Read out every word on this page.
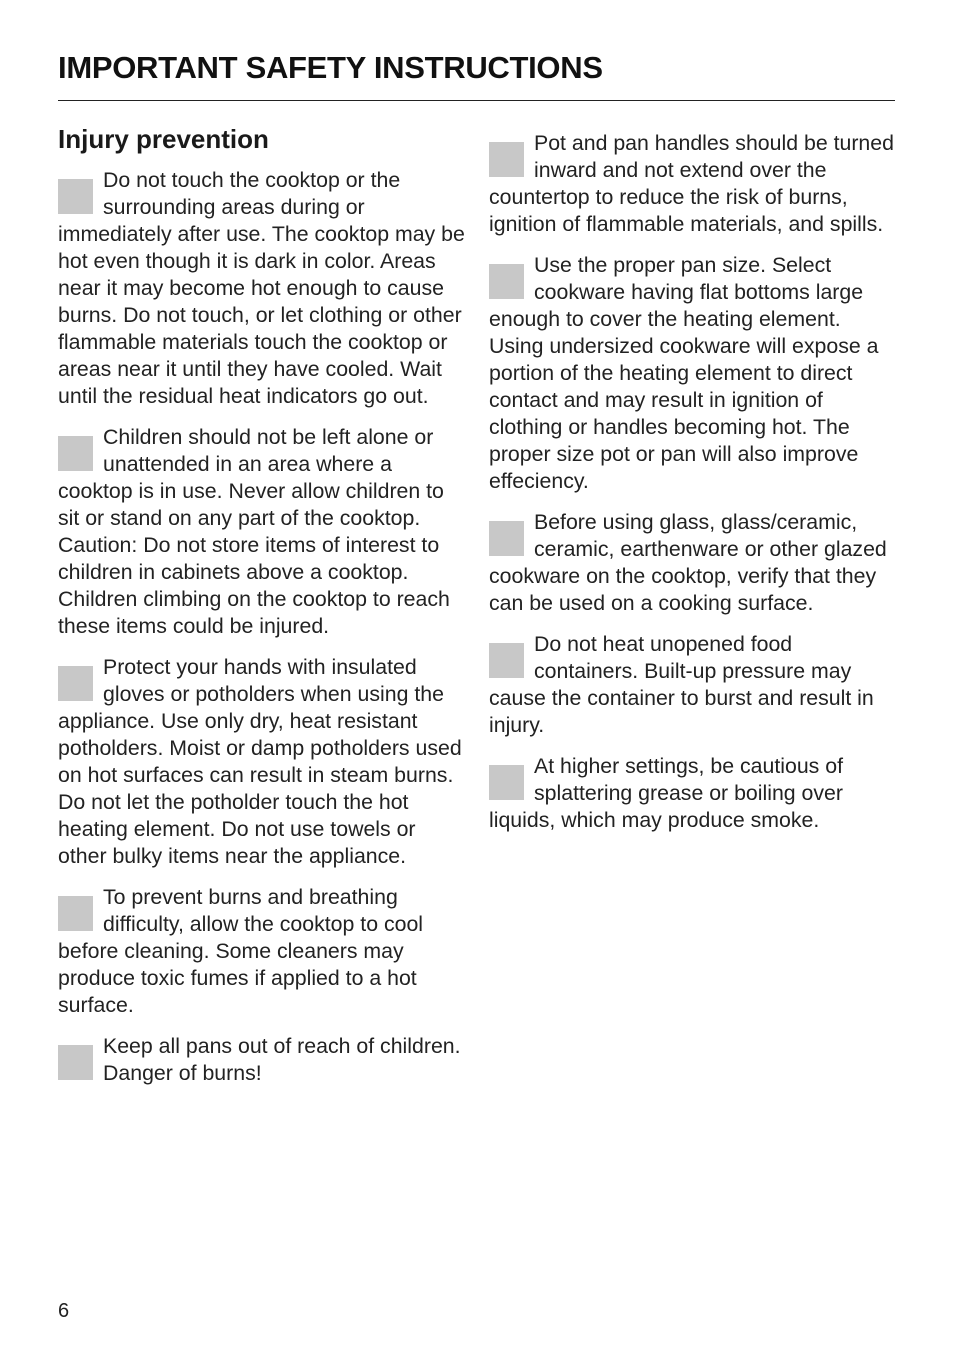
IMPORTANT SAFETY INSTRUCTIONS
Injury prevention
Do not touch the cooktop or the surrounding areas during or immediately after use. The cooktop may be hot even though it is dark in color. Areas near it may become hot enough to cause burns. Do not touch, or let clothing or other flammable materials touch the cooktop or areas near it until they have cooled. Wait until the residual heat indicators go out.
Children should not be left alone or unattended in an area where a cooktop is in use. Never allow children to sit or stand on any part of the cooktop.
Caution: Do not store items of interest to children in cabinets above a cooktop. Children climbing on the cooktop to reach these items could be injured.
Protect your hands with insulated gloves or potholders when using the appliance. Use only dry, heat resistant potholders. Moist or damp potholders used on hot surfaces can result in steam burns. Do not let the potholder touch the hot heating element. Do not use towels or other bulky items near the appliance.
To prevent burns and breathing difficulty, allow the cooktop to cool before cleaning. Some cleaners may produce toxic fumes if applied to a hot surface.
Keep all pans out of reach of children. Danger of burns!
Pot and pan handles should be turned inward and not extend over the countertop to reduce the risk of burns, ignition of flammable materials, and spills.
Use the proper pan size. Select cookware having flat bottoms large enough to cover the heating element. Using undersized cookware will expose a portion of the heating element to direct contact and may result in ignition of clothing or handles becoming hot. The proper size pot or pan will also improve effeciency.
Before using glass, glass/ceramic, ceramic, earthenware or other glazed cookware on the cooktop, verify that they can be used on a cooking surface.
Do not heat unopened food containers. Built-up pressure may cause the container to burst and result in injury.
At higher settings, be cautious of splattering grease or boiling over liquids, which may produce smoke.
6
